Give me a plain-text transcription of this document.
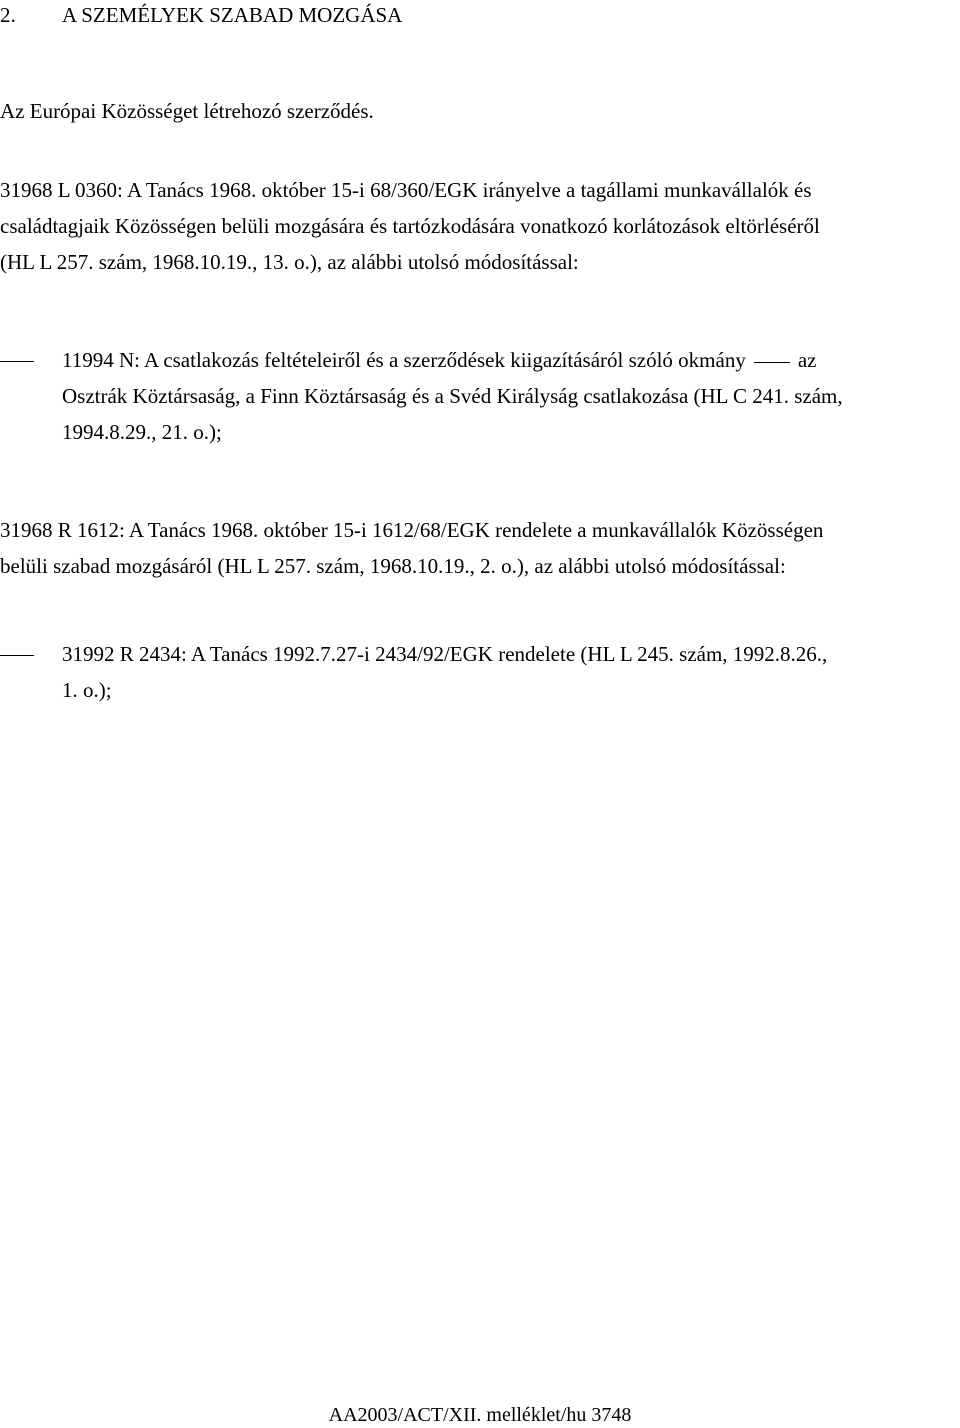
2. A SZEMÉLYEK SZABAD MOZGÁSA
Az Európai Közösséget létrehozó szerződés.
31968 L 0360: A Tanács 1968. október 15-i 68/360/EGK irányelve a tagállami munkavállalók és
családtagjaik Közösségen belüli mozgására és tartózkodására vonatkozó korlátozások eltörléséről
(HL L 257. szám, 1968.10.19., 13. o.), az alábbi utolsó módosítással:
11994 N: A csatlakozás feltételeiről és a szerződések kiigazításáról szóló okmány az
Osztrák Köztársaság, a Finn Köztársaság és a Svéd Királyság csatlakozása (HL C 241. szám,
1994.8.29., 21. o.);
31968 R 1612: A Tanács 1968. október 15-i 1612/68/EGK rendelete a munkavállalók Közösségen
belüli szabad mozgásáról (HL L 257. szám, 1968.10.19., 2. o.), az alábbi utolsó módosítással:
31992 R 2434: A Tanács 1992.7.27-i 2434/92/EGK rendelete (HL L 245. szám, 1992.8.26.,
1. o.);
AA2003/ACT/XII. melléklet/hu 3748
